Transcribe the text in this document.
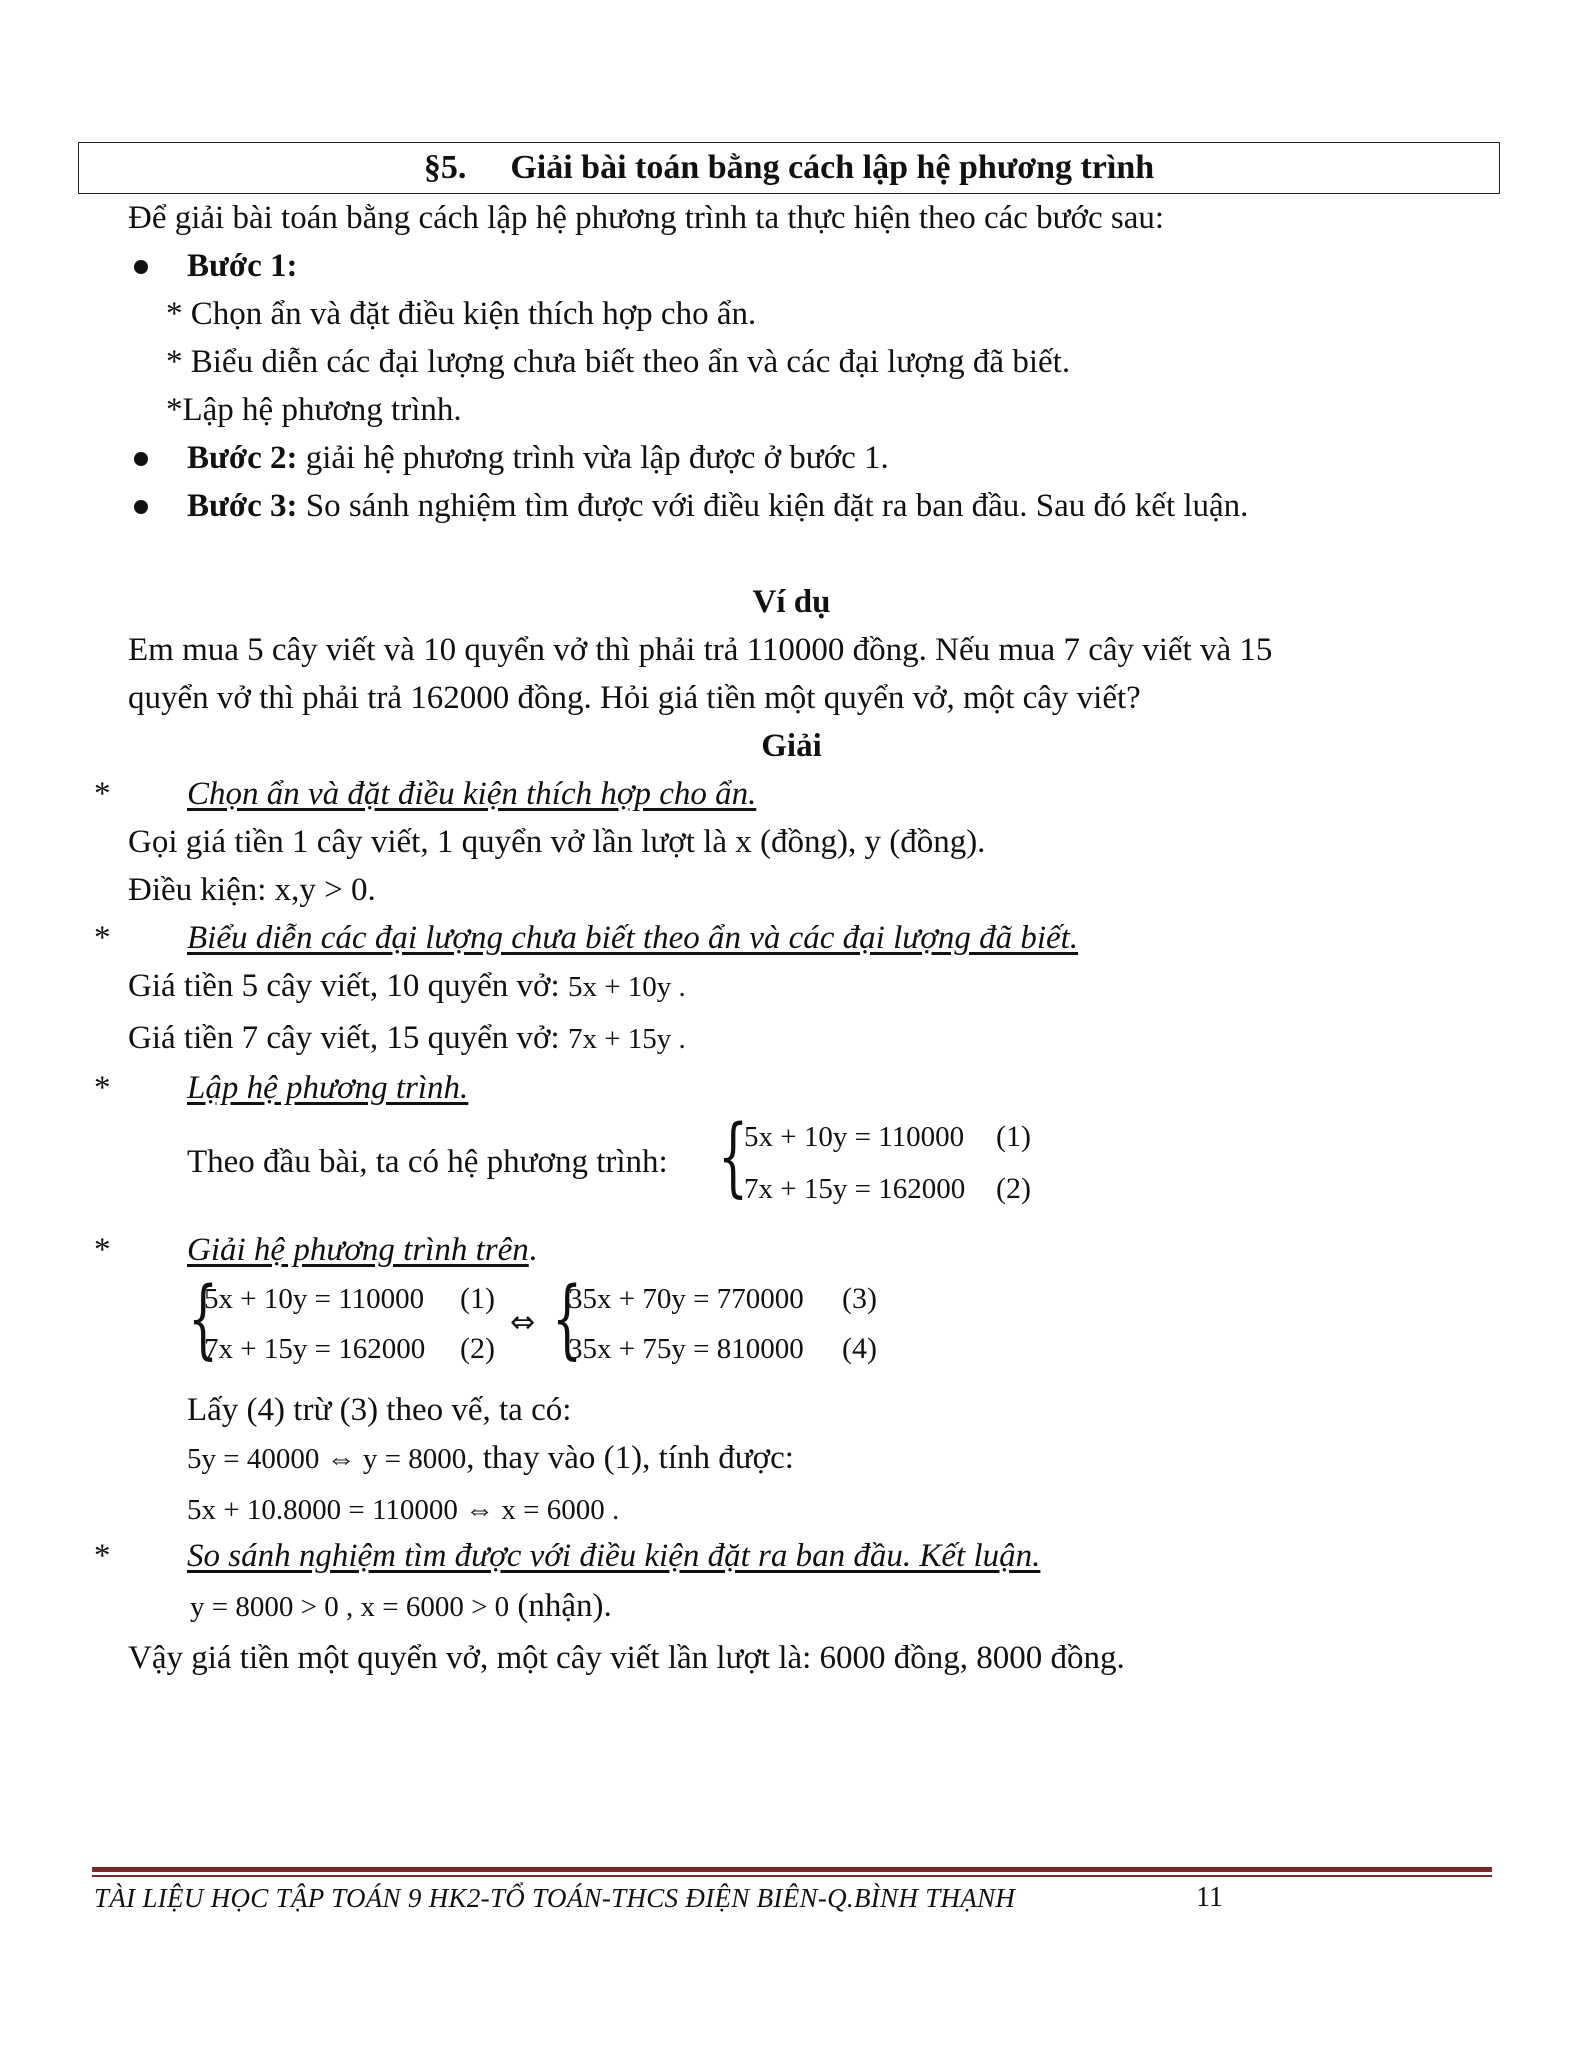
§5. Giải bài toán bằng cách lập hệ phương trình
Để giải bài toán bằng cách lập hệ phương trình ta thực hiện theo các bước sau:
Bước 1:
* Chọn ẩn và đặt điều kiện thích hợp cho ẩn.
* Biểu diễn các đại lượng chưa biết theo ẩn và các đại lượng đã biết.
*Lập hệ phương trình.
Bước 2: giải hệ phương trình vừa lập được ở bước 1.
Bước 3: So sánh nghiệm tìm được với điều kiện đặt ra ban đầu. Sau đó kết luận.
Ví dụ
Em mua 5 cây viết và 10 quyển vở thì phải trả 110000 đồng. Nếu mua 7 cây viết và 15
quyển vở thì phải trả 162000 đồng. Hỏi giá tiền một quyển vở, một cây viết?
Giải
* Chọn ẩn và đặt điều kiện thích hợp cho ẩn.
Gọi giá tiền 1 cây viết, 1 quyển vở lần lượt là x (đồng), y (đồng).
Điều kiện: x,y > 0.
* Biểu diễn các đại lượng chưa biết theo ẩn và các đại lượng đã biết.
Giá tiền 5 cây viết, 10 quyển vở: 5x + 10y .
Giá tiền 7 cây viết, 15 quyển vở: 7x + 15y .
* Lập hệ phương trình.
Theo đầu bài, ta có hệ phương trình: {
5x + 10y = 110000 (1)
7x + 15y = 162000 (2)
* Giải hệ phương trình trên.
{
5x + 10y = 110000 (1)
7x + 15y = 162000 (2)
⇔ {
35x + 70y = 770000 (3)
35x + 75y = 810000 (4)
Lấy (4) trừ (3) theo vế, ta có:
5y = 40000 ⇔ y = 8000, thay vào (1), tính được:
5x + 10.8000 = 110000 ⇔ x = 6000 .
* So sánh nghiệm tìm được với điều kiện đặt ra ban đầu. Kết luận.
y = 8000 > 0 , x = 6000 > 0 (nhận).
Vậy giá tiền một quyển vở, một cây viết lần lượt là: 6000 đồng, 8000 đồng.
TÀI LIỆU HỌC TẬP TOÁN 9 HK2-TỔ TOÁN-THCS ĐIỆN BIÊN-Q.BÌNH THẠNH	11
